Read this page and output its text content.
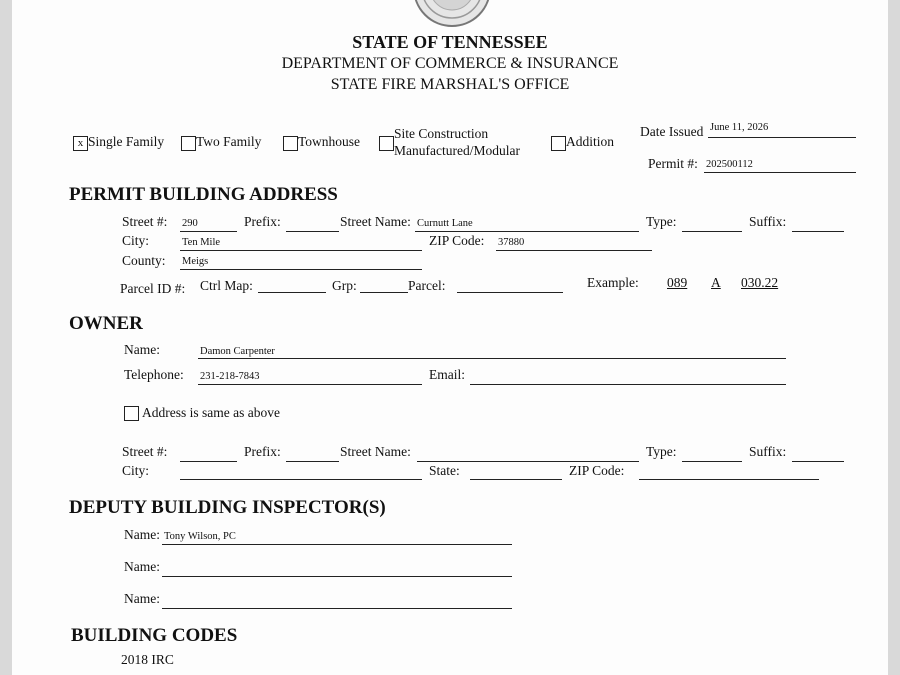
STATE OF TENNESSEE
DEPARTMENT OF COMMERCE & INSURANCE
STATE FIRE MARSHAL'S OFFICE
x Single Family Two Family	Townhouse
Site Construction
Manufactured/Modular
Addition
Date Issued June 11, 2026
Permit #: 202500112
PERMIT BUILDING ADDRESS
Street #: 290	Prefix:	Street Name: Curnutt Lane	Type:	Suffix:
City:	Ten Mile	ZIP Code: 37880
County: Meigs
Parcel ID #: Ctrl Map:	Grp:	Parcel:	Example: 089 A 030.22
OWNER
Name:	Damon Carpenter
Telephone: 231-218-7843	Email:
Address is same as above
Street #:	Prefix:	Street Name:	Type:	Suffix:
City:	State:	ZIP Code:
DEPUTY BUILDING INSPECTOR(S)
Name: Tony Wilson, PC
Name:
Name:
BUILDING CODES
2018 IRC
